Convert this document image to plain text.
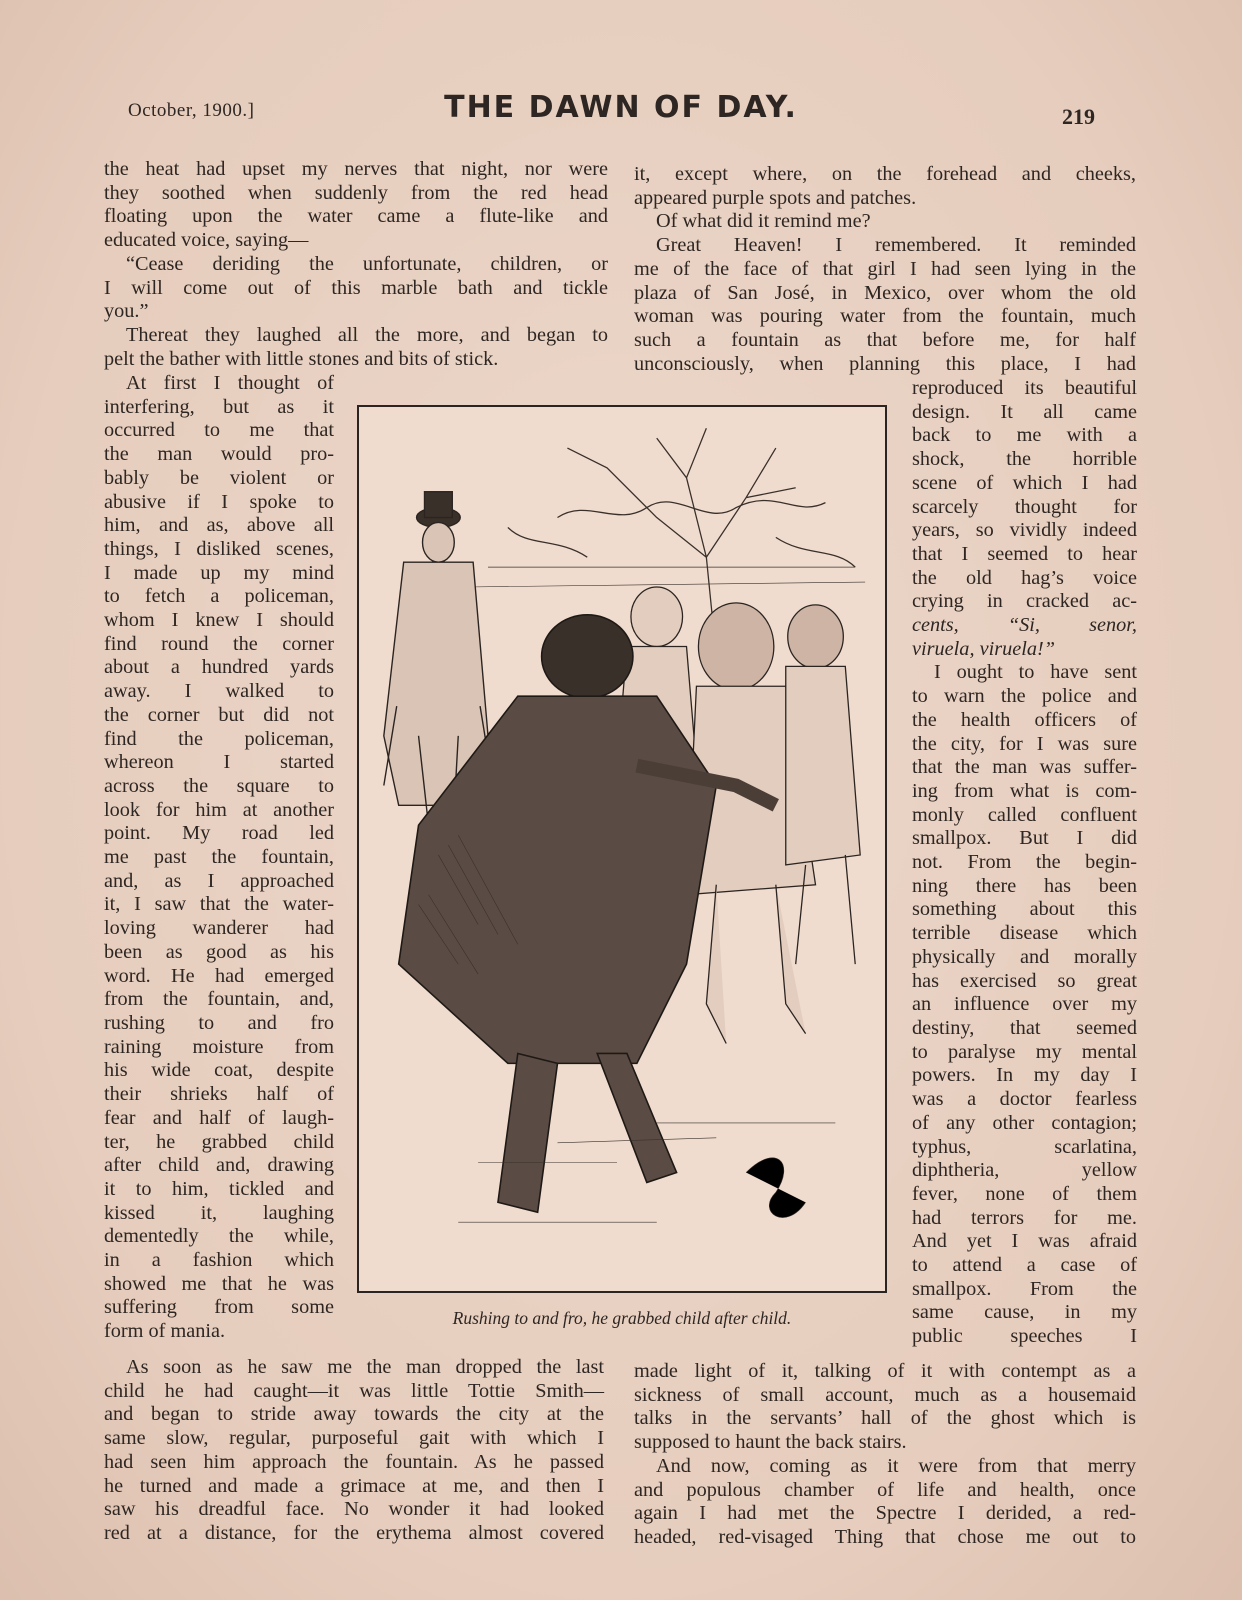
October, 1900.]	THE DAWN OF DAY.	219

the heat had upset my nerves that night, nor were
they soothed when suddenly from the red head
floating upon the water came a flute-like and
educated voice, saying—

“Cease deriding the unfortunate, children, or

I will come out of this marble bath and tickle
you.”

Thereat they laughed all the more, and began to

pelt the bather with little stones and bits of stick.

At first I thought of
interfering, but as it
occurred to me that
the man would pro-
bably be violent or
abusive if I spoke to
him, and as, above all
things, I disliked scenes,
I made up my mind
to fetch a policeman,
whom I knew I should
find round the corner
about a hundred yards
away. I walked to
the corner but did not
find the policeman,
whereon I started
across the square to
look for him at another
point. My road led
me past the fountain,
and, as I approached
it, I saw that the water-
loving wanderer had
been as good as his
word. He had emerged
from the fountain, and,
rushing to and fro
raining moisture from
his wide coat, despite
their shrieks half of
fear and half of laugh-
ter, he grabbed child
after child and, drawing
it to him, tickled and
kissed it, laughing
dementedly the while,
in a fashion which
showed me that he was
suffering from some
form of mania.

it, except where, on the forehead and cheeks,
appeared purple spots and patches.

Of what did it remind me?

Great Heaven! I remembered. It reminded

me of the face of that girl I had seen lying in the
plaza of San José, in Mexico, over whom the old
woman was pouring water from the fountain, much
such a fountain as that before me, for half
unconsciously, when planning this place, I had

reproduced its beautiful
design. It all came
back to me with a
shock, the horrible
scene of which I had
scarcely thought for
years, so vividly indeed
that I seemed to hear
the old hag’s voice
crying in cracked ac-
cents, “Si, senor,
viruela, viruela!”
I ought to have sent
to warn the police and
the health officers of
the city, for I was sure
that the man was suffer-
ing from what is com-
monly called confluent
smallpox. But I did
not. From the begin-
ning there has been
something about this
terrible disease which
physically and morally
has exercised so great
an influence over my
destiny, that seemed
to paralyse my mental
powers. In my day I
was a doctor fearless
of any other contagion;
typhus, scarlatina,
diphtheria, yellow
fever, none of them
had terrors for me.
And yet I was afraid
to attend a case of
smallpox. From the
same cause, in my
public speeches I
Rushing to and fro, he grabbed child after child.

As soon as he saw me the man dropped the last

child he had caught—it was little Tottie Smith—
and began to stride away towards the city at the
same slow, regular, purposeful gait with which I
had seen him approach the fountain. As he passed
he turned and made a grimace at me, and then I
saw his dreadful face. No wonder it had looked
red at a distance, for the erythema almost covered

made light of it, talking of it with contempt as a
sickness of small account, much as a housemaid
talks in the servants’ hall of the ghost which is
supposed to haunt the back stairs.

And now, coming as it were from that merry

and populous chamber of life and health, once
again I had met the Spectre I derided, a red-
headed, red-visaged Thing that chose me out to
